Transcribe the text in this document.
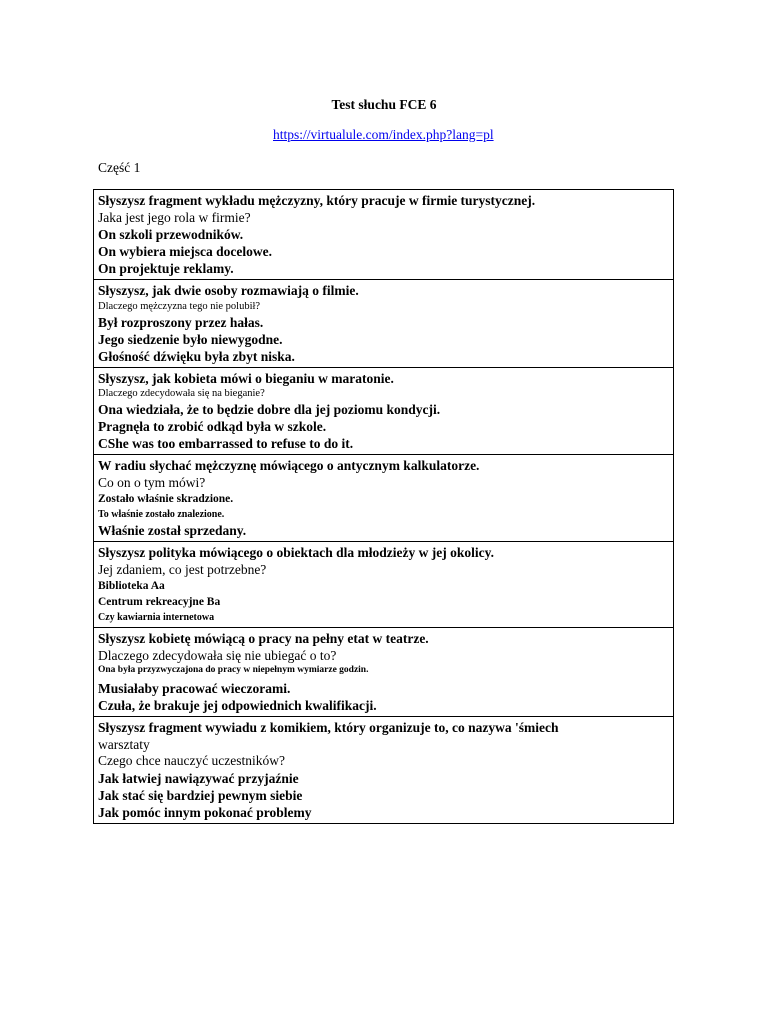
Test słuchu FCE 6
https://virtualule.com/index.php?lang=pl
Część 1
Słyszysz fragment wykładu mężczyzny, który pracuje w firmie turystycznej.
Jaka jest jego rola w firmie?
On szkoli przewodników.
On wybiera miejsca docelowe.
On projektuje reklamy.

Słyszysz, jak dwie osoby rozmawiają o filmie.
Dlaczego mężczyzna tego nie polubił?
Był rozproszony przez hałas.
Jego siedzenie było niewygodne.
Głośność dźwięku była zbyt niska.

Słyszysz, jak kobieta mówi o bieganiu w maratonie.
Dlaczego zdecydowała się na bieganie?
Ona wiedziała, że to będzie dobre dla jej poziomu kondycji.
Pragnęła to zrobić odkąd była w szkole.
CShe was too embarrassed to refuse to do it.

W radiu słychać mężczyznę mówiącego o antycznym kalkulatorze.
Co on o tym mówi?
Zostało właśnie skradzione.
To właśnie zostało znalezione.
Właśnie został sprzedany.

Słyszysz polityka mówiącego o obiektach dla młodzieży w jej okolicy.
Jej zdaniem, co jest potrzebne?
Biblioteka Aa
Centrum rekreacyjne Ba
Czy kawiarnia internetowa

Słyszysz kobietę mówiącą o pracy na pełny etat w teatrze.
Dlaczego zdecydowała się nie ubiegać o to?
Ona była przyzwyczajona do pracy w niepełnym wymiarze godzin.
Musiałaby pracować wieczorami.
Czuła, że brakuje jej odpowiednich kwalifikacji.

Słyszysz fragment wywiadu z komikiem, który organizuje to, co nazywa 'śmiech
warsztaty
Czego chce nauczyć uczestników?
Jak łatwiej nawiązywać przyjaźnie
Jak stać się bardziej pewnym siebie
Jak pomóc innym pokonać problemy
